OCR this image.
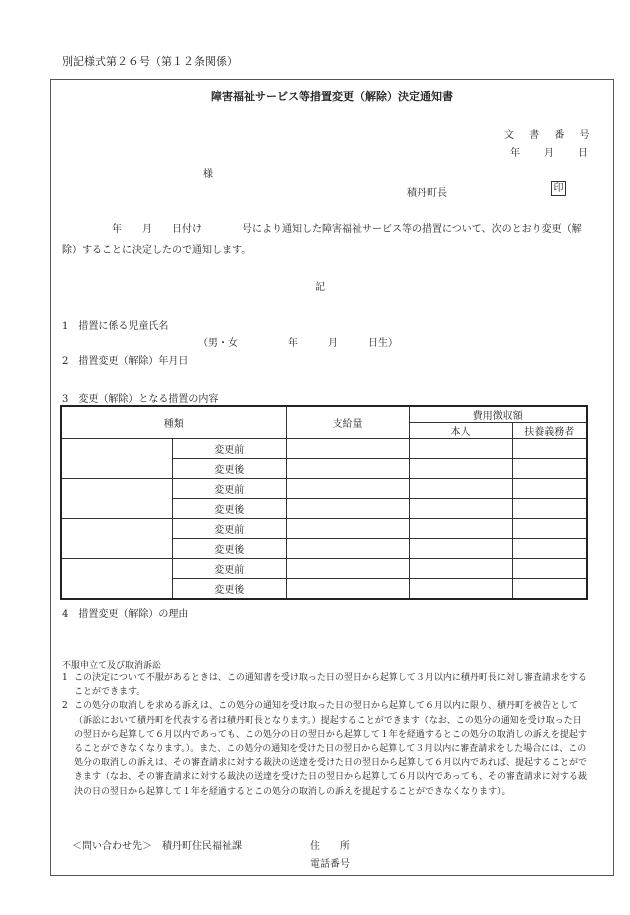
別記様式第２６号（第１２条関係）
障害福祉サービス等措置変更（解除）決定通知書
文 書 番 号
年 月 日
様
積丹町長	印
　　　　　年　　月　　日付け　　　　号により通知した障害福祉サービス等の措置について、次のとおり変更（解除）することに決定したので通知します。
記
1　措置に係る児童氏名
（男・女　　　　　年　　　月　　　日生）
2　措置変更（解除）年月日
3　変更（解除）となる措置の内容
種類		支給量	費用徴収額	
			本人	扶養義務者
	変更前			
	変更後			
	変更前			
	変更後			
	変更前			
	変更後			
	変更前			
	変更後			
4　措置変更（解除）の理由
不服申立て及び取消訴訟
1 この決定について不服があるときは、この通知書を受け取った日の翌日から起算して３月以内に積丹町長に対し審査請求をすることができます。
2 この処分の取消しを求める訴えは、この処分の通知を受け取った日の翌日から起算して６月以内に限り、積丹町を被告として（訴訟において積丹町を代表する者は積丹町長となります。）提起することができます（なお、この処分の通知を受け取った日の翌日から起算して６月以内であっても、この処分の日の翌日から起算して１年を経過するとこの処分の取消しの訴えを提起することができなくなります。）。また、この処分の通知を受けた日の翌日から起算して３月以内に審査請求をした場合には、この処分の取消しの訴えは、その審査請求に対する裁決の送達を受けた日の翌日から起算して６月以内であれば、提起することができます（なお、その審査請求に対する裁決の送達を受けた日の翌日から起算して６月以内であっても、その審査請求に対する裁決の日の翌日から起算して１年を経過するとこの処分の取消しの訴えを提起することができなくなります）。
＜問い合わせ先＞　積丹町住民福祉課	住　　所
電話番号
